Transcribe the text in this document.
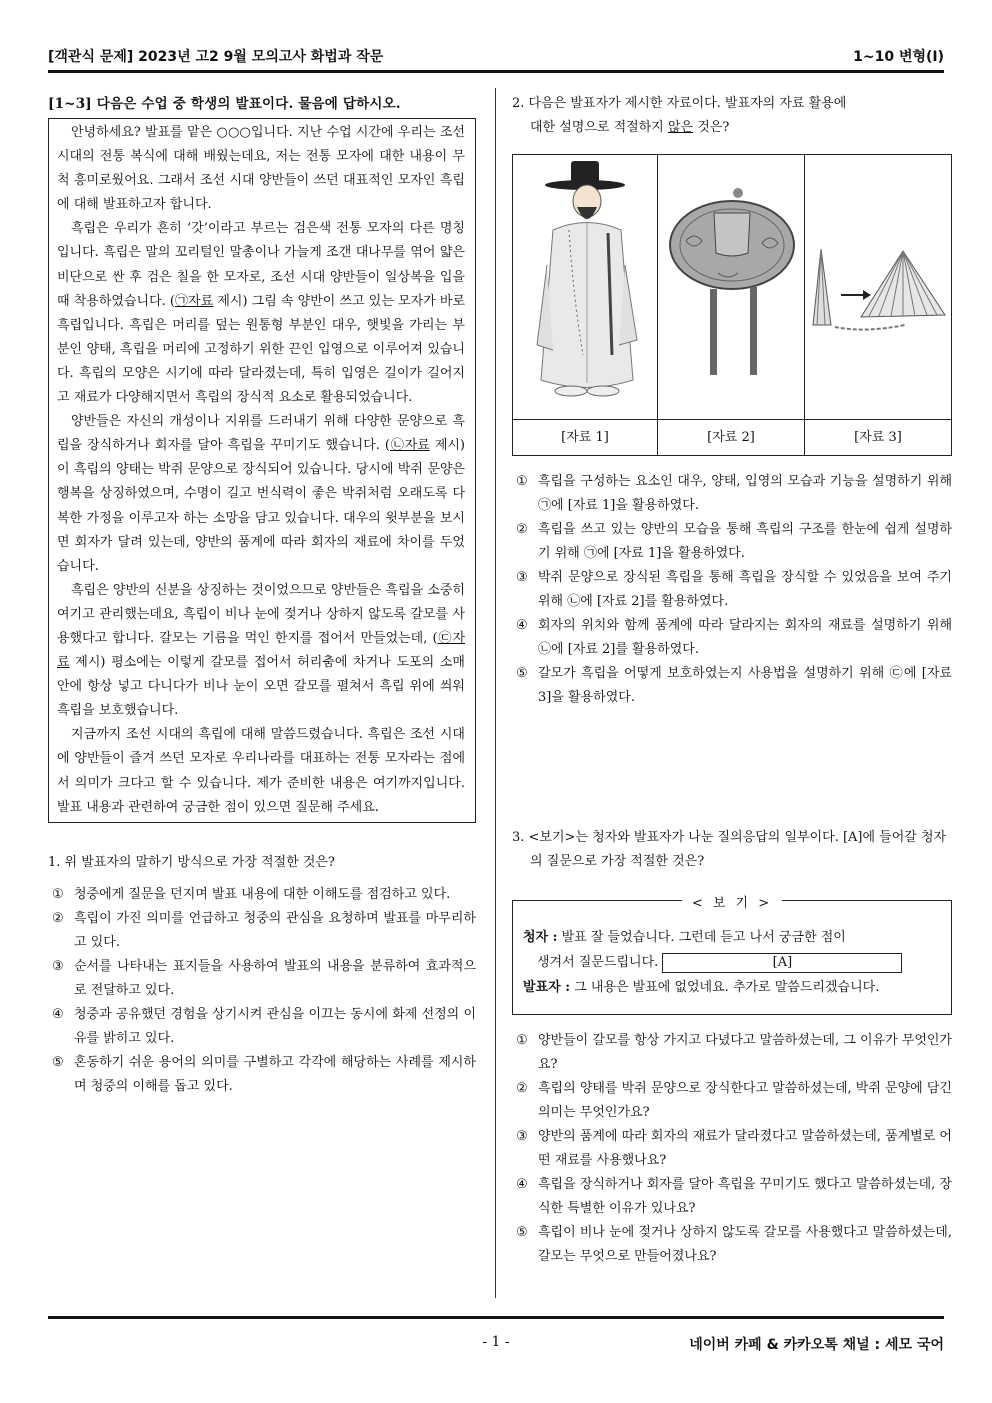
[객관식 문제] 2023년 고2 9월 모의고사 화법과 작문	1~10 변형(I)
[1~3] 다음은 수업 중 학생의 발표이다. 물음에 답하시오.

안녕하세요? 발표를 맡은 ○○○입니다. 지난 수업 시간에 우리는 조선 시대의 전통 복식에 대해 배웠는데요, 저는 전통 모자에 대한 내용이 무척 흥미로웠어요. 그래서 조선 시대 양반들이 쓰던 대표적인 모자인 흑립에 대해 발표하고자 합니다.

흑립은 우리가 흔히 ‘갓’이라고 부르는 검은색 전통 모자의 다른 명칭입니다. 흑립은 말의 꼬리털인 말총이나 가늘게 조갠 대나무를 엮어 얇은 비단으로 싼 후 검은 칠을 한 모자로, 조선 시대 양반들이 일상복을 입을 때 착용하였습니다. (㉠자료 제시) 그림 속 양반이 쓰고 있는 모자가 바로 흑립입니다. 흑립은 머리를 덮는 원통형 부분인 대우, 햇빛을 가리는 부분인 양태, 흑립을 머리에 고정하기 위한 끈인 입영으로 이루어져 있습니다. 흑립의 모양은 시기에 따라 달라졌는데, 특히 입영은 길이가 길어지고 재료가 다양해지면서 흑립의 장식적 요소로 활용되었습니다.

양반들은 자신의 개성이나 지위를 드러내기 위해 다양한 문양으로 흑립을 장식하거나 회자를 달아 흑립을 꾸미기도 했습니다. (㉡자료 제시) 이 흑립의 양태는 박쥐 문양으로 장식되어 있습니다. 당시에 박쥐 문양은 행복을 상징하였으며, 수명이 길고 번식력이 좋은 박쥐처럼 오래도록 다복한 가정을 이루고자 하는 소망을 담고 있습니다. 대우의 윗부분을 보시면 회자가 달려 있는데, 양반의 품계에 따라 회자의 재료에 차이를 두었습니다.

흑립은 양반의 신분을 상징하는 것이었으므로 양반들은 흑립을 소중히 여기고 관리했는데요, 흑립이 비나 눈에 젖거나 상하지 않도록 갈모를 사용했다고 합니다. 갈모는 기름을 먹인 한지를 접어서 만들었는데, (㉢자료 제시) 평소에는 이렇게 갈모를 접어서 허리춤에 차거나 도포의 소매 안에 항상 넣고 다니다가 비나 눈이 오면 갈모를 펼쳐서 흑립 위에 씌워 흑립을 보호했습니다.

지금까지 조선 시대의 흑립에 대해 말씀드렸습니다. 흑립은 조선 시대에 양반들이 즐겨 쓰던 모자로 우리나라를 대표하는 전통 모자라는 점에서 의미가 크다고 할 수 있습니다. 제가 준비한 내용은 여기까지입니다. 발표 내용과 관련하여 궁금한 점이 있으면 질문해 주세요.

1. 위 발표자의 말하기 방식으로 가장 적절한 것은?
① 청중에게 질문을 던지며 발표 내용에 대한 이해도를 점검하고 있다.
② 흑립이 가진 의미를 언급하고 청중의 관심을 요청하며 발표를 마무리하고 있다.
③ 순서를 나타내는 표지들을 사용하여 발표의 내용을 분류하여 효과적으로 전달하고 있다.
④ 청중과 공유했던 경험을 상기시켜 관심을 이끄는 동시에 화제 선정의 이유를 밝히고 있다.
⑤ 혼동하기 쉬운 용어의 의미를 구별하고 각각에 해당하는 사례를 제시하며 청중의 이해를 돕고 있다.
2. 다음은 발표자가 제시한 자료이다. 발표자의 자료 활용에
대한 설명으로 적절하지 않은 것은?
[자료 1]	[자료 2]	[자료 3]
① 흑립을 구성하는 요소인 대우, 양태, 입영의 모습과 기능을 설명하기 위해 ㉠에 [자료 1]을 활용하였다.
② 흑립을 쓰고 있는 양반의 모습을 통해 흑립의 구조를 한눈에 쉽게 설명하기 위해 ㉠에 [자료 1]을 활용하였다.
③ 박쥐 문양으로 장식된 흑립을 통해 흑립을 장식할 수 있었음을 보여 주기 위해 ㉡에 [자료 2]를 활용하였다.
④ 회자의 위치와 함께 품계에 따라 달라지는 회자의 재료를 설명하기 위해 ㉡에 [자료 2]를 활용하였다.
⑤ 갈모가 흑립을 어떻게 보호하였는지 사용법을 설명하기 위해 ㉢에 [자료 3]을 활용하였다.
3. <보기>는 청자와 발표자가 나눈 질의응답의 일부이다. [A]에 들어갈 청자의 질문으로 가장 적절한 것은?
< 보 기 >
청자 : 발표 잘 들었습니다. 그런데 듣고 나서 궁금한 점이
생겨서 질문드립니다.	[A]
발표자 : 그 내용은 발표에 없었네요. 추가로 말씀드리겠습니다.
① 양반들이 갈모를 항상 가지고 다녔다고 말씀하셨는데, 그 이유가 무엇인가요?
② 흑립의 양태를 박쥐 문양으로 장식한다고 말씀하셨는데, 박쥐 문양에 담긴 의미는 무엇인가요?
③ 양반의 품계에 따라 회자의 재료가 달라졌다고 말씀하셨는데, 품계별로 어떤 재료를 사용했나요?
④ 흑립을 장식하거나 회자를 달아 흑립을 꾸미기도 했다고 말씀하셨는데, 장식한 특별한 이유가 있나요?
⑤ 흑립이 비나 눈에 젖거나 상하지 않도록 갈모를 사용했다고 말씀하셨는데, 갈모는 무엇으로 만들어졌나요?
- 1 -	네이버 카페 & 카카오톡 채널 : 세모 국어
